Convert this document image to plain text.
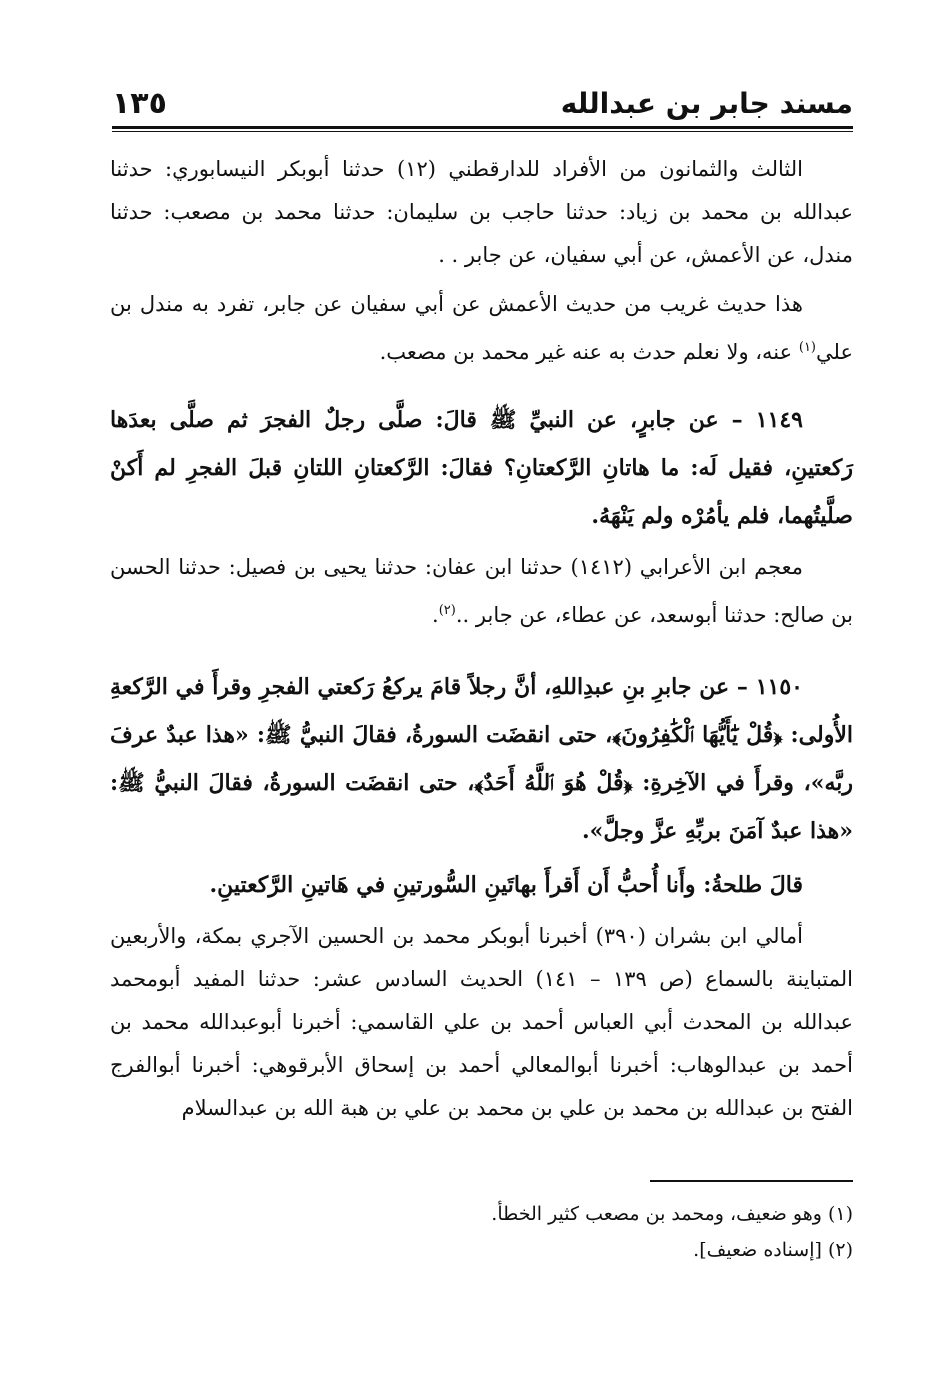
مسند جابر بن عبدالله
١٣٥

الثالث والثمانون من الأفراد للدارقطني (١٢) حدثنا أبوبكر النيسابوري: حدثنا عبدالله بن محمد بن زياد: حدثنا حاجب بن سليمان: حدثنا محمد بن مصعب: حدثنا مندل، عن الأعمش، عن أبي سفيان، عن جابر . .

هذا حديث غريب من حديث الأعمش عن أبي سفيان عن جابر، تفرد به مندل بن علي$^{(١)}$ عنه، ولا نعلم حدث به عنه غير محمد بن مصعب.

١١٤٩ – عن جابرٍ، عن النبيِّ ﷺ قالَ: صلَّى رجلٌ الفجرَ ثم صلَّى بعدَها رَكعتينِ، فقيل لَه: ما هاتانِ الرَّكعتانِ؟ فقالَ: الرَّكعتانِ اللتانِ قبلَ الفجرِ لم أَكنْ صلَّيتُهما، فلم يأمُرْه ولم يَنْهَهُ.

معجم ابن الأعرابي (١٤١٢) حدثنا ابن عفان: حدثنا يحيى بن فصيل: حدثنا الحسن بن صالح: حدثنا أبوسعد، عن عطاء، عن جابر ..$^{(٢)}$.

١١٥٠ – عن جابرِ بنِ عبدِاللهِ، أنَّ رجلاً قامَ يركعُ رَكعتي الفجرِ وقرأَ في الرَّكعةِ الأُولى: ﴿قُلْ يَٰٓأَيُّهَا ٱلْكَٰفِرُونَ﴾، حتى انقضَت السورةُ، فقالَ النبيُّ ﷺ: «هذا عبدٌ عرفَ ربَّه»، وقرأَ في الآخِرةِ: ﴿قُلْ هُوَ ٱللَّهُ أَحَدٌ﴾، حتى انقضَت السورةُ، فقالَ النبيُّ ﷺ: «هذا عبدٌ آمَنَ بربِّهِ عزَّ وجلَّ».

قالَ طلحةُ: وأَنا أُحبُّ أَن أَقرأَ بهاتَينِ السُّورتينِ في هَاتينِ الرَّكعتينِ.

أمالي ابن بشران (٣٩٠) أخبرنا أبوبكر محمد بن الحسين الآجري بمكة، والأربعين المتباينة بالسماع (ص ١٣٩ – ١٤١) الحديث السادس عشر: حدثنا المفيد أبومحمد عبدالله بن المحدث أبي العباس أحمد بن علي القاسمي: أخبرنا أبوعبدالله محمد بن أحمد بن عبدالوهاب: أخبرنا أبوالمعالي أحمد بن إسحاق الأبرقوهي: أخبرنا أبوالفرج الفتح بن عبدالله بن محمد بن علي بن محمد بن علي بن هبة الله بن عبدالسلام

(١) وهو ضعيف، ومحمد بن مصعب كثير الخطأ.

(٢) [إسناده ضعيف].
